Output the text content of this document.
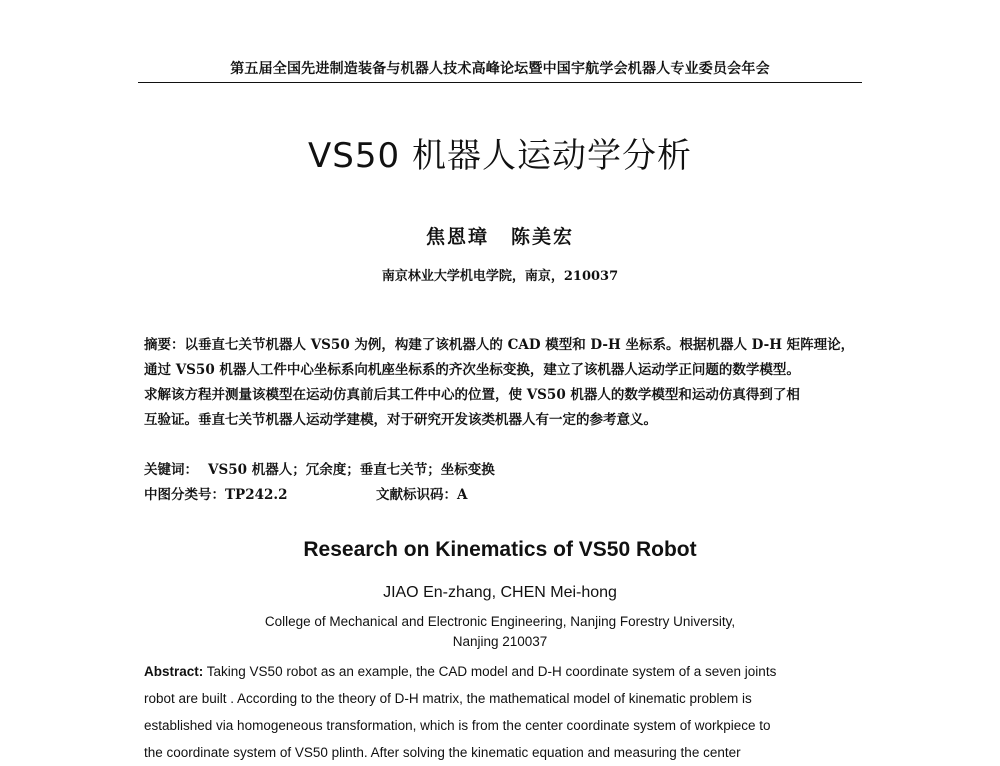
第五届全国先进制造装备与机器人技术高峰论坛暨中国宇航学会机器人专业委员会年会
VS50 机器人运动学分析
焦恩璋 陈美宏
南京林业大学机电学院，南京，210037
摘要：以垂直七关节机器人 VS50 为例，构建了该机器人的 CAD 模型和 D-H 坐标系。根据机器人 D-H 矩阵理论，
通过 VS50 机器人工件中心坐标系向机座坐标系的齐次坐标变换，建立了该机器人运动学正问题的数学模型。
求解该方程并测量该模型在运动仿真前后其工件中心的位置，使 VS50 机器人的数学模型和运动仿真得到了相
互验证。垂直七关节机器人运动学建模，对于研究开发该类机器人有一定的参考意义。
关键词： VS50 机器人；冗余度；垂直七关节；坐标变换
中图分类号：TP242.2	文献标识码：A
Research on Kinematics of VS50 Robot
JIAO En-zhang, CHEN Mei-hong
College of Mechanical and Electronic Engineering, Nanjing Forestry University,
Nanjing 210037
Abstract: Taking VS50 robot as an example, the CAD model and D-H coordinate system of a seven joints
robot are built . According to the theory of D-H matrix, the mathematical model of kinematic problem is
established via homogeneous transformation, which is from the center coordinate system of workpiece to
the coordinate system of VS50 plinth. After solving the kinematic equation and measuring the center
